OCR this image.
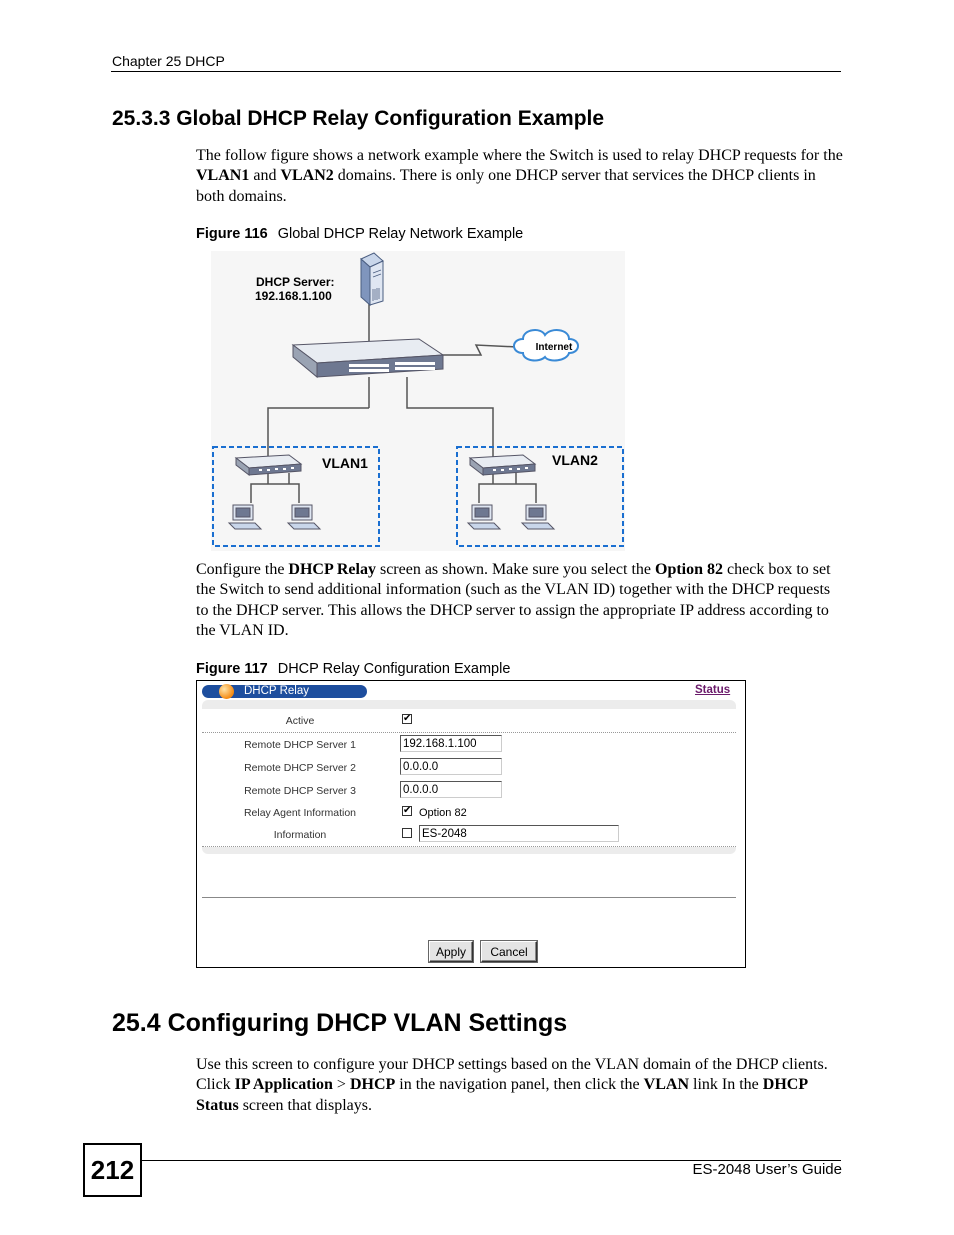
Chapter 25 DHCP
25.3.3 Global DHCP Relay Configuration Example
The follow figure shows a network example where the Switch is used to relay DHCP requests for the VLAN1 and VLAN2 domains. There is only one DHCP server that services the DHCP clients in both domains.
Figure 116 Global DHCP Relay Network Example
DHCP Server:
192.168.1.100
Internet
VLAN1	VLAN2
Configure the DHCP Relay screen as shown. Make sure you select the Option 82 check box to set the Switch to send additional information (such as the VLAN ID) together with the DHCP requests to the DHCP server. This allows the DHCP server to assign the appropriate IP address according to the VLAN ID.
Figure 117 DHCP Relay Configuration Example
DHCP Relay	Status
Active	✔
Remote DHCP Server 1	192.168.1.100
Remote DHCP Server 2	0.0.0.0
Remote DHCP Server 3	0.0.0.0
Relay Agent Information	✔ Option 82
Information	ES-2048
Apply	Cancel
25.4 Configuring DHCP VLAN Settings
Use this screen to configure your DHCP settings based on the VLAN domain of the DHCP clients. Click IP Application > DHCP in the navigation panel, then click the VLAN link In the DHCP Status screen that displays.
212	ES-2048 User’s Guide
